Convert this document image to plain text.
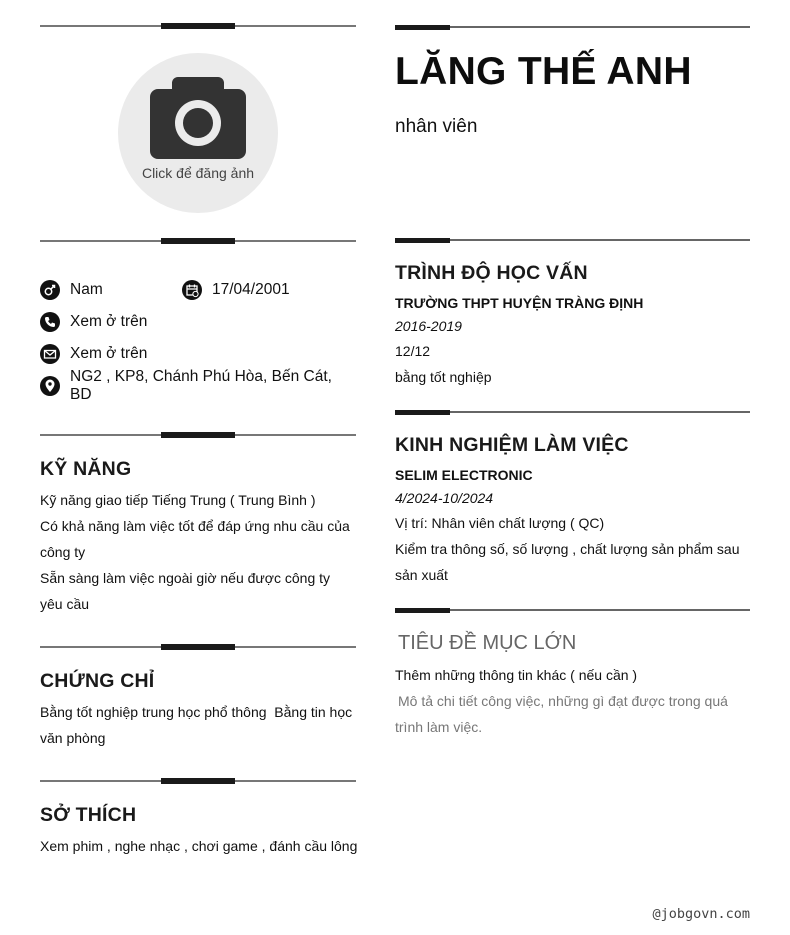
Click để đăng ảnh
Nam	17/04/2001
Xem ở trên
Xem ở trên
NG2 , KP8, Chánh Phú Hòa, Bến Cát, BD
KỸ NĂNG
Kỹ năng giao tiếp Tiếng Trung ( Trung Bình )
Có khả năng làm việc tốt để đáp ứng nhu cầu của công ty
Sẵn sàng làm việc ngoài giờ nếu được công ty yêu cầu
CHỨNG CHỈ
Bằng tốt nghiệp trung học phổ thông  Bằng tin học văn phòng
SỞ THÍCH
Xem phim , nghe nhạc , chơi game , đánh cầu lông
LĂNG THẾ ANH
nhân viên
TRÌNH ĐỘ HỌC VẤN
TRƯỜNG THPT HUYỆN TRÀNG ĐỊNH
2016-2019
12/12
bằng tốt nghiệp
KINH NGHIỆM LÀM VIỆC
SELIM ELECTRONIC
4/2024-10/2024
Vị trí: Nhân viên chất lượng ( QC)
Kiểm tra thông số, số lượng , chất lượng sản phẩm sau sản xuất
TIÊU ĐỀ MỤC LỚN
Thêm những thông tin khác ( nếu cần )
Mô tả chi tiết công việc, những gì đạt được trong quá trình làm việc.
@jobgovn.com
